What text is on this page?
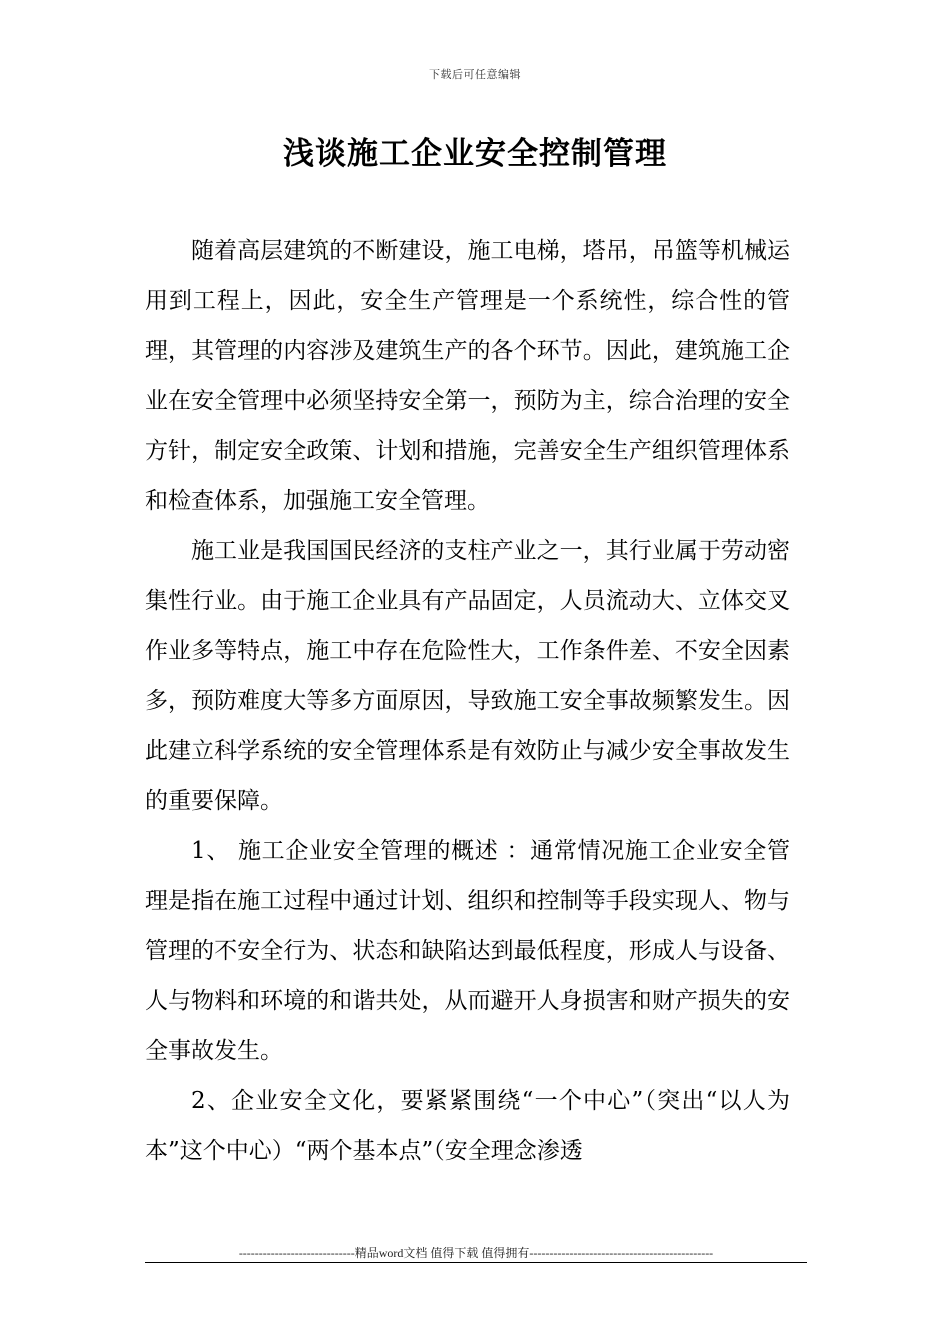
下载后可任意编辑
浅谈施工企业安全控制管理

随着高层建筑的不断建设，施工电梯，塔吊，吊篮等机械运用到工程上，因此，安全生产管理是一个系统性，综合性的管理，其管理的内容涉及建筑生产的各个环节。因此，建筑施工企业在安全管理中必须坚持安全第一，预防为主，综合治理的安全方针，制定安全政策、计划和措施，完善安全生产组织管理体系和检查体系，加强施工安全管理。

施工业是我国国民经济的支柱产业之一，其行业属于劳动密集性行业。由于施工企业具有产品固定，人员流动大、立体交叉作业多等特点，施工中存在危险性大，工作条件差、不安全因素多，预防难度大等多方面原因，导致施工安全事故频繁发生。因此建立科学系统的安全管理体系是有效防止与减少安全事故发生的重要保障。

1、 施工企业安全管理的概述 ：通常情况施工企业安全管理是指在施工过程中通过计划、组织和控制等手段实现人、物与管理的不安全行为、状态和缺陷达到最低程度，形成人与设备、人与物料和环境的和谐共处，从而避开人身损害和财产损失的安全事故发生。

2、企业安全文化，要紧紧围绕“一个中心”（突出“以人为本”这个中心）“两个基本点”（安全理念渗透

-----------------------------精品word文档 值得下载 值得拥有----------------------------------------------
